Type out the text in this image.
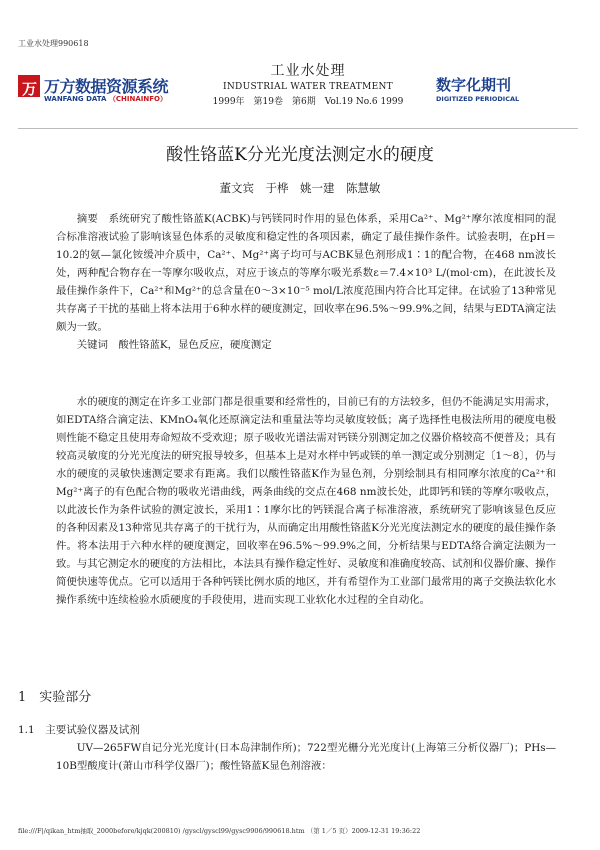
工业水处理990618
万 万方数据资源系统
WANFANG DATA （CHINAINFO）
工业水处理
INDUSTRIAL WATER TREATMENT
1999年　第19卷　第6期　Vol.19 No.6 1999
数字化期刊
DIGITIZED PERIODICAL
酸性铬蓝K分光光度法测定水的硬度
董文宾　于桦　姚一建　陈慧敏

摘要　 系统研究了酸性铬蓝K(ACBK)与钙镁同时作用的显色体系，采用Ca²⁺、Mg²⁺摩尔浓度相同的混合标准溶液试验了影响该显色体系的灵敏度和稳定性的各项因素，确定了最佳操作条件。试验表明，在pH＝10.2的氨—氯化铵缓冲介质中，Ca²⁺、Mg²⁺离子均可与ACBK显色剂形成1∶1的配合物，在468 nm波长处，两种配合物存在一等摩尔吸收点，对应于该点的等摩尔吸光系数ε＝7.4×10³ L/(mol·cm)，在此波长及最佳操作条件下，Ca²⁺和Mg²⁺的总含量在0～3×10⁻⁵ mol/L浓度范围内符合比耳定律。在试验了13种常见共存离子干扰的基础上将本法用于6种水样的硬度测定，回收率在96.5%～99.9%之间，结果与EDTA滴定法颇为一致。

关键词　 酸性铬蓝K，显色反应，硬度测定

水的硬度的测定在许多工业部门都是很重要和经常性的，目前已有的方法较多，但仍不能满足实用需求，如EDTA络合滴定法、KMnO₄氧化还原滴定法和重量法等均灵敏度较低；离子选择性电极法所用的硬度电极则性能不稳定且使用寿命短故不受欢迎；原子吸收光谱法需对钙镁分别测定加之仪器价格较高不便普及；具有较高灵敏度的分光光度法的研究报导较多，但基本上是对水样中钙或镁的单一测定或分别测定〔1～8〕，仍与水的硬度的灵敏快速测定要求有距离。我们以酸性铬蓝K作为显色剂，分别绘制具有相同摩尔浓度的Ca²⁺和Mg²⁺离子的有色配合物的吸收光谱曲线，两条曲线的交点在468 nm波长处，此即钙和镁的等摩尔吸收点，以此波长作为条件试验的测定波长，采用1∶1摩尔比的钙镁混合离子标准溶液，系统研究了影响该显色反应的各种因素及13种常见共存离子的干扰行为，从而确定出用酸性铬蓝K分光光度法测定水的硬度的最佳操作条件。将本法用于六种水样的硬度测定，回收率在96.5%～99.9%之间，分析结果与EDTA络合滴定法颇为一致。与其它测定水的硬度的方法相比，本法具有操作稳定性好、灵敏度和准确度较高、试剂和仪器价廉、操作简便快速等优点。它可以适用于各种钙镁比例水质的地区，并有希望作为工业部门最常用的离子交换法软化水操作系统中连续检验水质硬度的手段使用，进而实现工业软化水过程的全自动化。

1　实验部分
1.1　主要试验仪器及试剂

UV—265FW自记分光光度计(日本岛津制作所)；722型光栅分光光度计(上海第三分析仪器厂)；PHs—10B型酸度计(萧山市科学仪器厂)；酸性铬蓝K显色剂溶液：

file:///F|/qikan_htm抽取_2000before/kjqk(200810) /gyscl/gyscl99/gysc9906/990618.htm （第 1／5 页）2009-12-31 19:36:22
